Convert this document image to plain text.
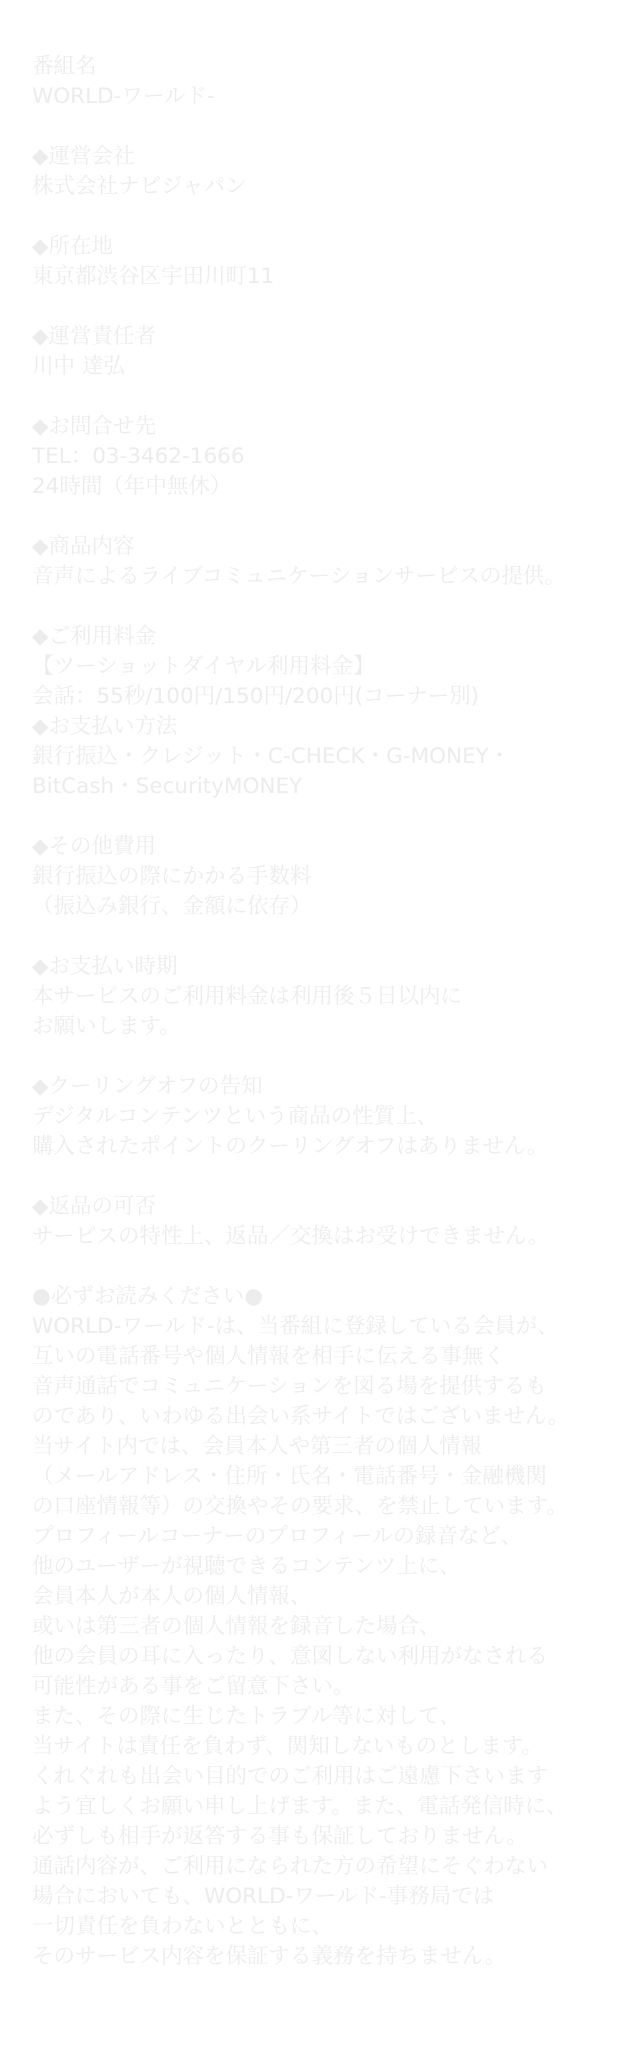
番組名
WORLD-ワールド-
◆運営会社
株式会社ナビジャパン
◆所在地
東京都渋谷区宇田川町11
◆運営責任者
川中 達弘
◆お問合せ先
TEL：03-3462-1666
24時間（年中無休）
◆商品内容
音声によるライブコミュニケーションサービスの提供。
◆ご利用料金
【ツーショットダイヤル利用料金】
会話：55秒/100円/150円/200円(コーナー別)
◆お支払い方法
銀行振込・クレジット・C-CHECK・G-MONEY・
BitCash・SecurityMONEY
◆その他費用
銀行振込の際にかかる手数料
（振込み銀行、金額に依存）
◆お支払い時期
本サービスのご利用料金は利用後５日以内に
お願いします。
◆クーリングオフの告知
デジタルコンテンツという商品の性質上、
購入されたポイントのクーリングオフはありません。
◆返品の可否
サービスの特性上、返品／交換はお受けできません。
●必ずお読みください●
WORLD-ワールド-は、当番組に登録している会員が、
互いの電話番号や個人情報を相手に伝える事無く
音声通話でコミュニケーションを図る場を提供するも
のであり、いわゆる出会い系サイトではございません。
当サイト内では、会員本人や第三者の個人情報
（メールアドレス・住所・氏名・電話番号・金融機関
の口座情報等）の交換やその要求、を禁止しています。
プロフィールコーナーのプロフィールの録音など、
他のユーザーが視聴できるコンテンツ上に、
会員本人が本人の個人情報、
或いは第三者の個人情報を録音した場合、
他の会員の耳に入ったり、意図しない利用がなされる
可能性がある事をご留意下さい。
また、その際に生じたトラブル等に対して、
当サイトは責任を負わず、関知しないものとします。
くれぐれも出会い目的でのご利用はご遠慮下さいます
よう宜しくお願い申し上げます。また、電話発信時に、
必ずしも相手が返答する事も保証しておりません。
通話内容が、ご利用になられた方の希望にそぐわない
場合においても、WORLD-ワールド-事務局では
一切責任を負わないとともに、
そのサービス内容を保証する義務を持ちません。
